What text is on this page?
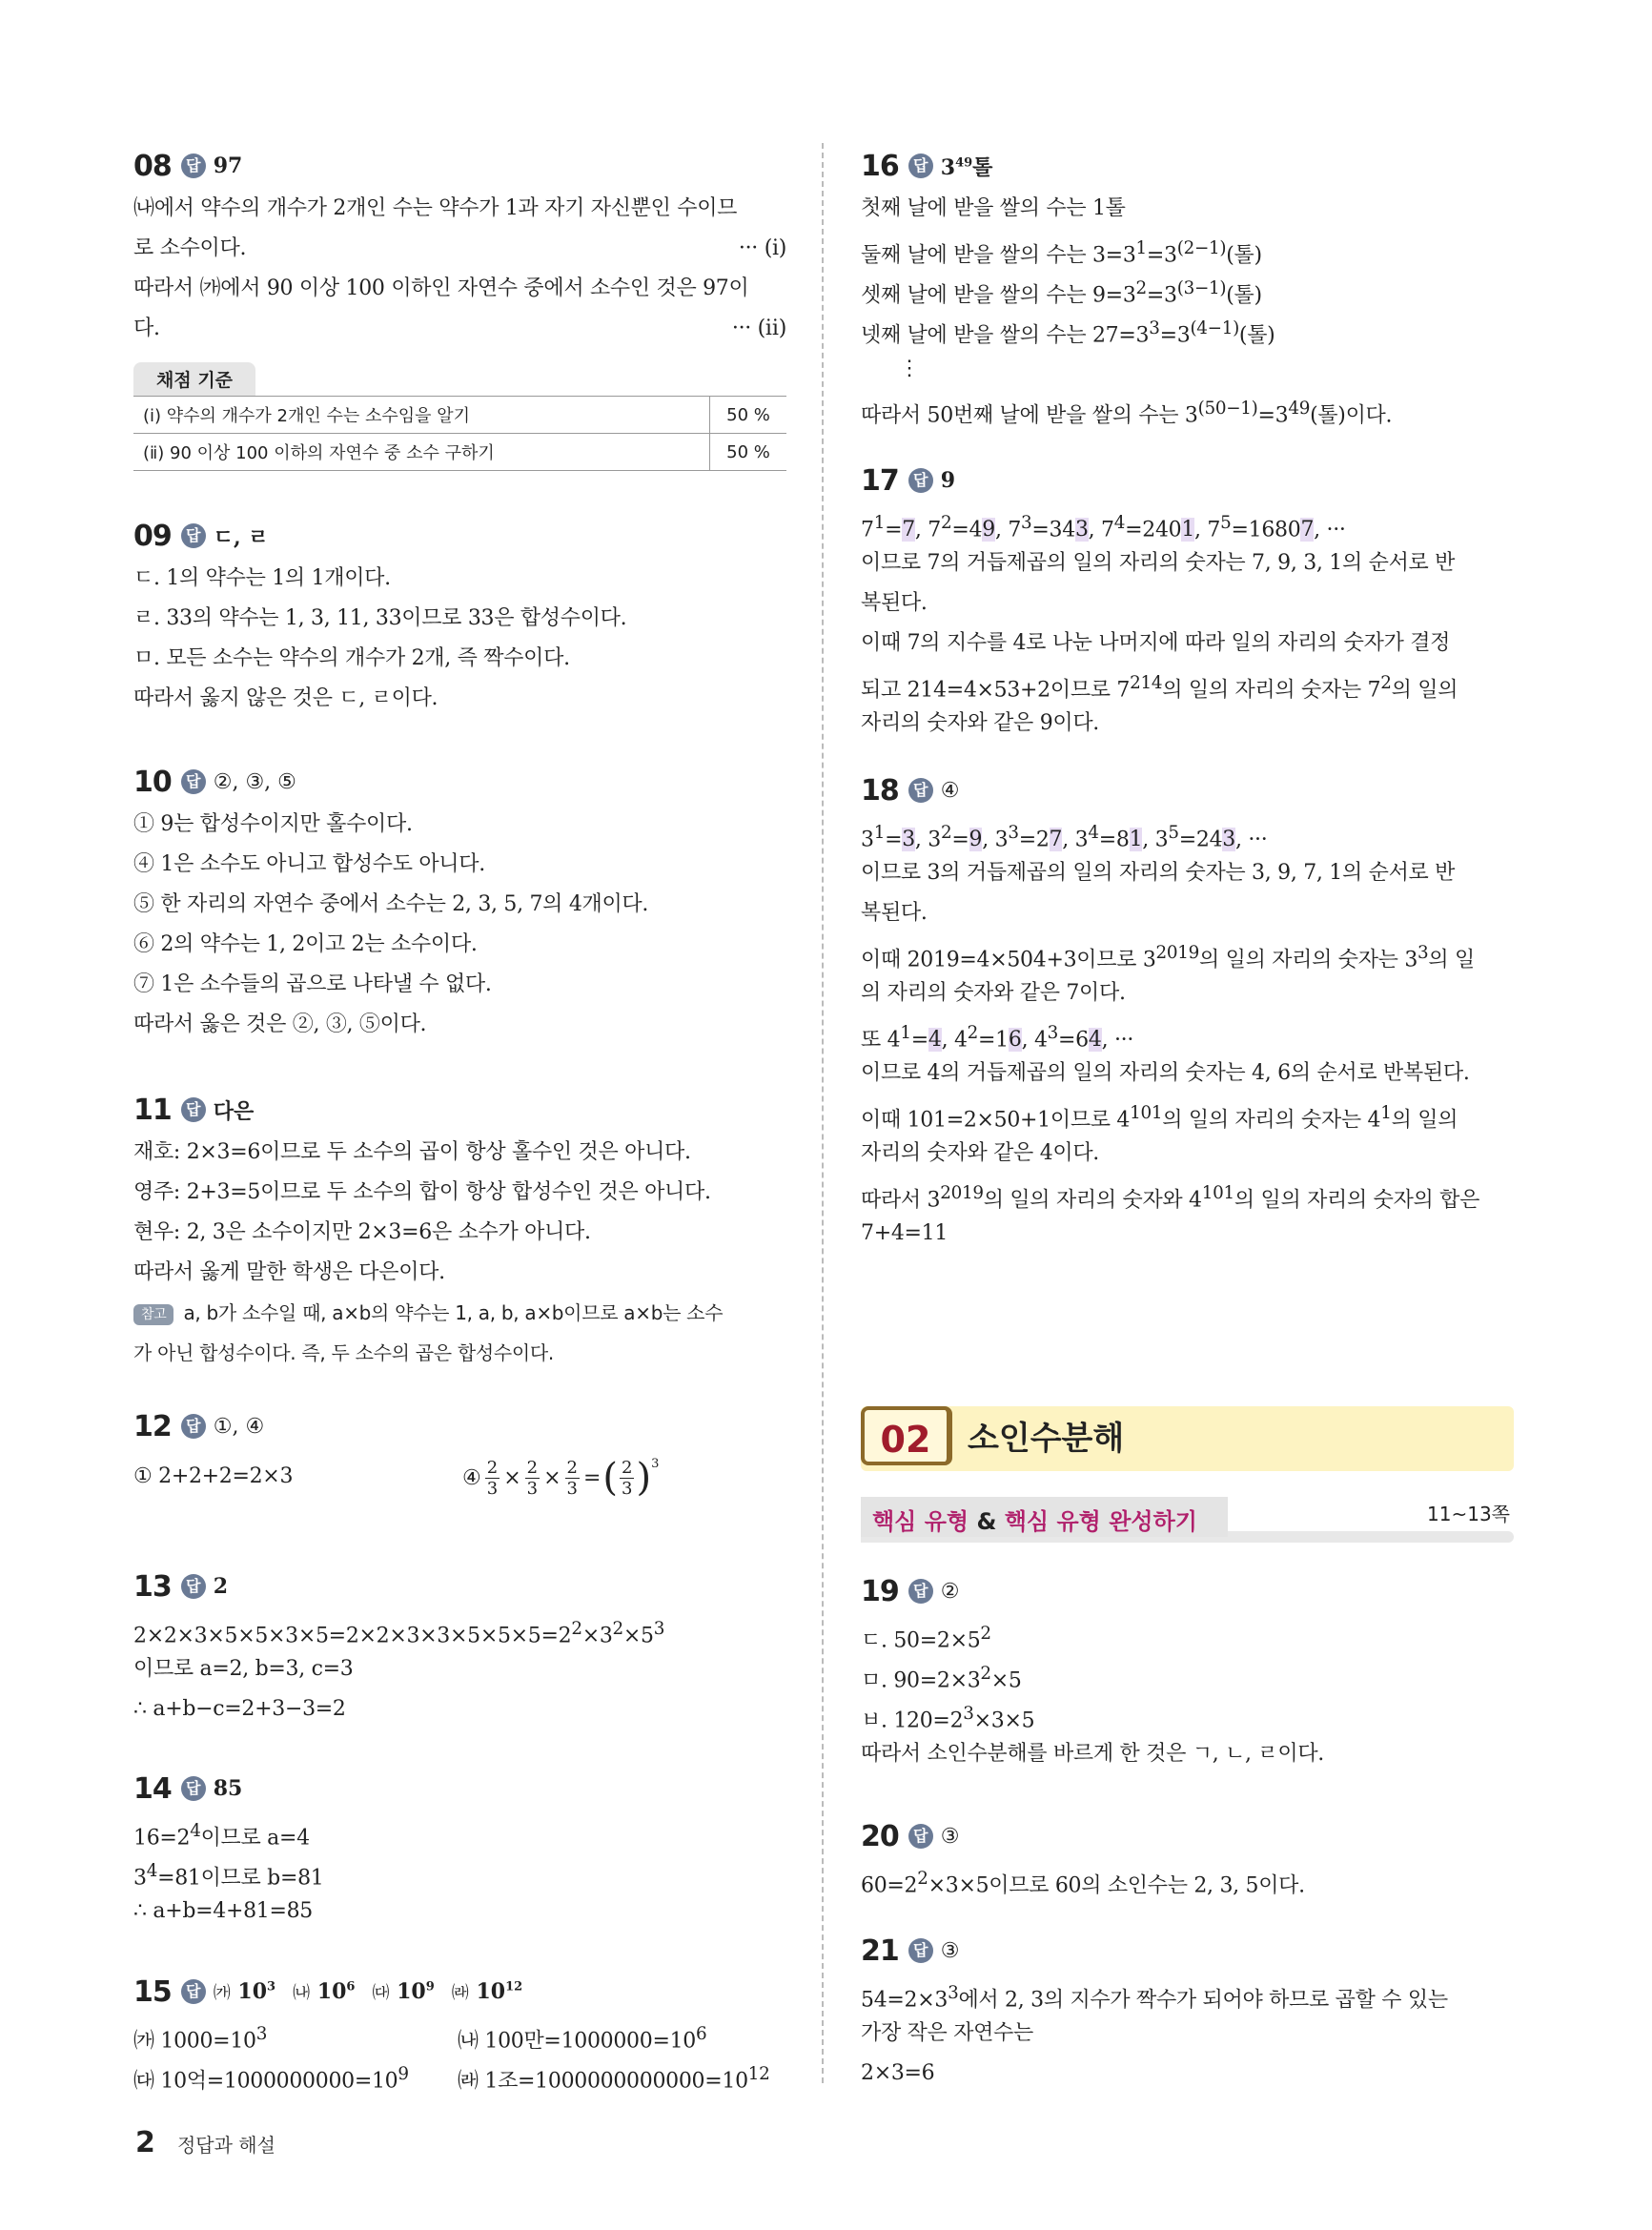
08 답 97
㈏에서 약수의 개수가 2개인 수는 약수가 1과 자기 자신뿐인 수이므
로 소수이다.	··· (ⅰ)
따라서 ㈎에서 90 이상 100 이하인 자연수 중에서 소수인 것은 97이
다.	··· (ⅱ)
채점 기준
(ⅰ) 약수의 개수가 2개인 수는 소수임을 알기	50 %
(ⅱ) 90 이상 100 이하의 자연수 중 소수 구하기	50 %
09 답 ㄷ, ㄹ
ㄷ. 1의 약수는 1의 1개이다.
ㄹ. 33의 약수는 1, 3, 11, 33이므로 33은 합성수이다.
ㅁ. 모든 소수는 약수의 개수가 2개, 즉 짝수이다.
따라서 옳지 않은 것은 ㄷ, ㄹ이다.
10 답 ②, ③, ⑤
① 9는 합성수이지만 홀수이다.
④ 1은 소수도 아니고 합성수도 아니다.
⑤ 한 자리의 자연수 중에서 소수는 2, 3, 5, 7의 4개이다.
⑥ 2의 약수는 1, 2이고 2는 소수이다.
⑦ 1은 소수들의 곱으로 나타낼 수 없다.
따라서 옳은 것은 ②, ③, ⑤이다.
11 답 다은
재호: 2×3=6이므로 두 소수의 곱이 항상 홀수인 것은 아니다.
영주: 2+3=5이므로 두 소수의 합이 항상 합성수인 것은 아니다.
현우: 2, 3은 소수이지만 2×3=6은 소수가 아니다.
따라서 옳게 말한 학생은 다은이다.
참고 a, b가 소수일 때, a×b의 약수는 1, a, b, a×b이므로 a×b는 소수
가 아닌 합성수이다. 즉, 두 소수의 곱은 합성수이다.
12 답 ①, ④
① 2+2+2=2×3	④ $\frac{2}{3} \times \frac{2}{3} \times \frac{2}{3}$ = ( $\frac{2}{3} )^3$
13 답 2
$2\times 2\times 3\times 5\times 5\times 3\times 5=2\times 2\times 3\times 3\times 5\times 5\times 5=2^2\times 3^2\times 5^3$
이므로 a=2, b=3, c=3
∴ a+b−c=2+3−3=2
14 답 85
$16=2^4$이므로 a=4
$3^4=81$이므로 b=81
∴ a+b=4+81=85
15 답 ㈎ $10^3$ ㈏ $10^6$ ㈐ $10^9$ ㈑ $10^{12}$
㈎ $1000=10^3$	㈏ 100만$=1000000=10^6$
㈐ 10억$=1000000000=10^9$ ㈑ 1조$=1000000000000=10^{12}$
16 답 $3^{49}$톨
첫째 날에 받을 쌀의 수는 1톨
둘째 날에 받을 쌀의 수는 $3=3^1=3^{(2-1)}$(톨)
셋째 날에 받을 쌀의 수는 $9=3^2=3^{(3-1)}$(톨)
넷째 날에 받을 쌀의 수는 $27=3^3=3^{(4-1)}$(톨)
⋮
따라서 50번째 날에 받을 쌀의 수는 $3^{(50-1)}=3^{49}$(톨)이다.
17 답 9
$7^1=7$, $7^2=49$, $7^3=343$, $7^4=2401$, $7^5=16807$, ···
이므로 7의 거듭제곱의 일의 자리의 숫자는 7, 9, 3, 1의 순서로 반
복된다.
이때 7의 지수를 4로 나눈 나머지에 따라 일의 자리의 숫자가 결정
되고 214=4×53+2이므로 $7^{214}$의 일의 자리의 숫자는 $7^2$의 일의
자리의 숫자와 같은 9이다.
18 답 ④
$3^1=3$, $3^2=9$, $3^3=27$, $3^4=81$, $3^5=243$, ···
이므로 3의 거듭제곱의 일의 자리의 숫자는 3, 9, 7, 1의 순서로 반
복된다.
이때 2019=4×504+3이므로 $3^{2019}$의 일의 자리의 숫자는 $3^3$의 일
의 자리의 숫자와 같은 7이다.
또 $4^1=4$, $4^2=16$, $4^3=64$, ···
이므로 4의 거듭제곱의 일의 자리의 숫자는 4, 6의 순서로 반복된다.
이때 101=2×50+1이므로 $4^{101}$의 일의 자리의 숫자는 $4^1$의 일의
자리의 숫자와 같은 4이다.
따라서 $3^{2019}$의 일의 자리의 숫자와 $4^{101}$의 일의 자리의 숫자의 합은
7+4=11
02	소인수분해
핵심 유형 & 핵심 유형 완성하기	11~13쪽
19 답 ②
ㄷ. $50=2\times 5^2$
ㅁ. $90=2\times 3^2\times 5$
ㅂ. $120=2^3\times 3\times 5$
따라서 소인수분해를 바르게 한 것은 ㄱ, ㄴ, ㄹ이다.
20 답 ③
$60=2^2\times 3\times 5$이므로 60의 소인수는 2, 3, 5이다.
21 답 ③
$54=2\times 3^3$에서 2, 3의 지수가 짝수가 되어야 하므로 곱할 수 있는
가장 작은 자연수는
2×3=6
2 정답과 해설
